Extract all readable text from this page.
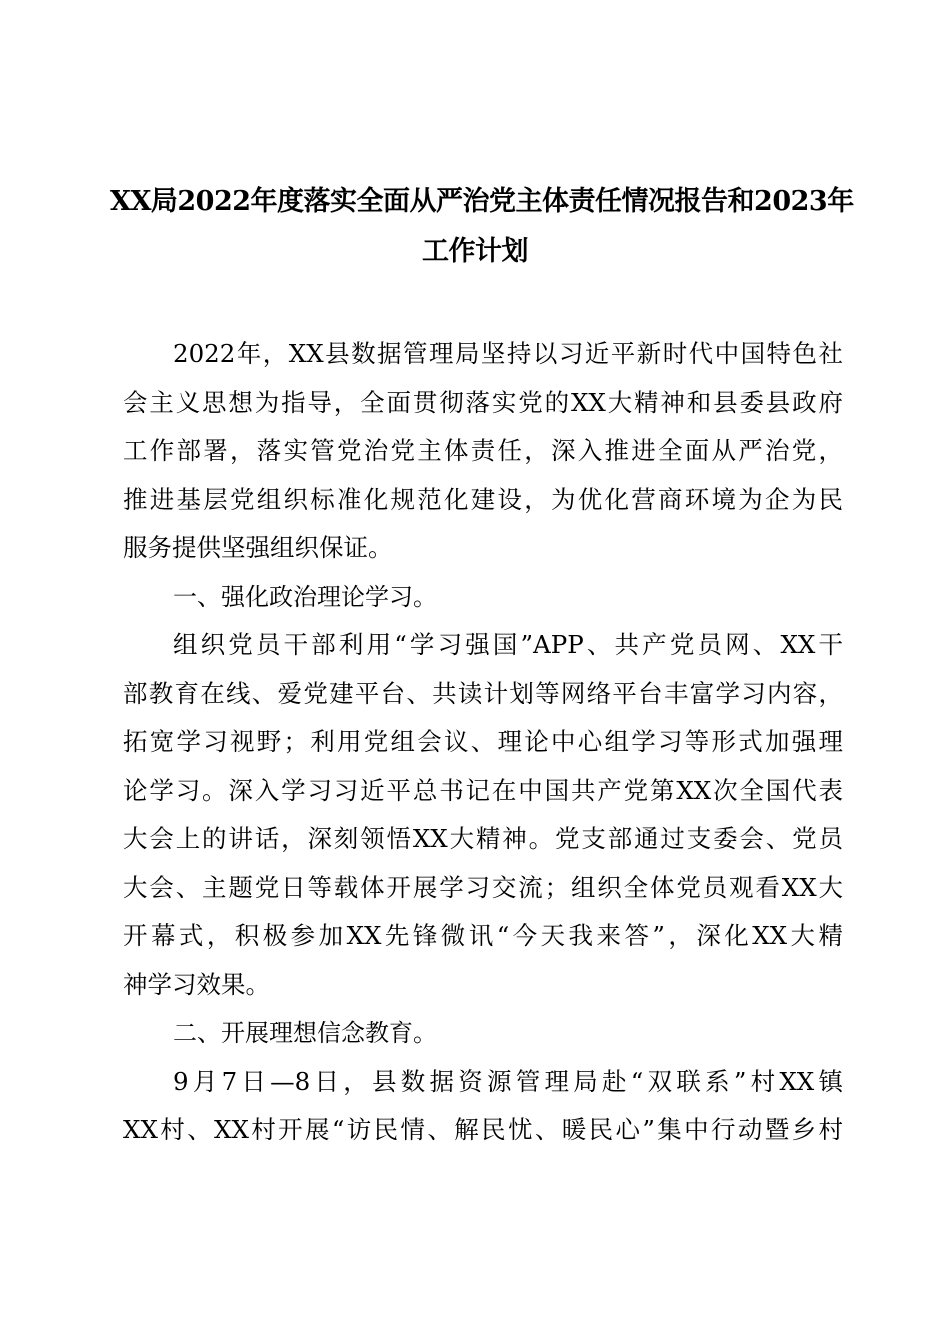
XX局2022年度落实全面从严治党主体责任情况报告和2023年
工作计划
2022年，XX县数据管理局坚持以习近平新时代中国特色社
会主义思想为指导，全面贯彻落实党的XX大精神和县委县政府
工作部署，落实管党治党主体责任，深入推进全面从严治党，
推进基层党组织标准化规范化建设，为优化营商环境为企为民
服务提供坚强组织保证。
一、强化政治理论学习。
组织党员干部利用“学习强国”APP、共产党员网、XX干
部教育在线、爱党建平台、共读计划等网络平台丰富学习内容，
拓宽学习视野；利用党组会议、理论中心组学习等形式加强理
论学习。深入学习习近平总书记在中国共产党第XX次全国代表
大会上的讲话，深刻领悟XX大精神。党支部通过支委会、党员
大会、主题党日等载体开展学习交流；组织全体党员观看XX大
开幕式，积极参加XX先锋微讯“今天我来答”，深化XX大精
神学习效果。
二、开展理想信念教育。
9月7日—8日，县数据资源管理局赴“双联系”村XX镇
XX村、XX村开展“访民情、解民忧、暖民心”集中行动暨乡村
